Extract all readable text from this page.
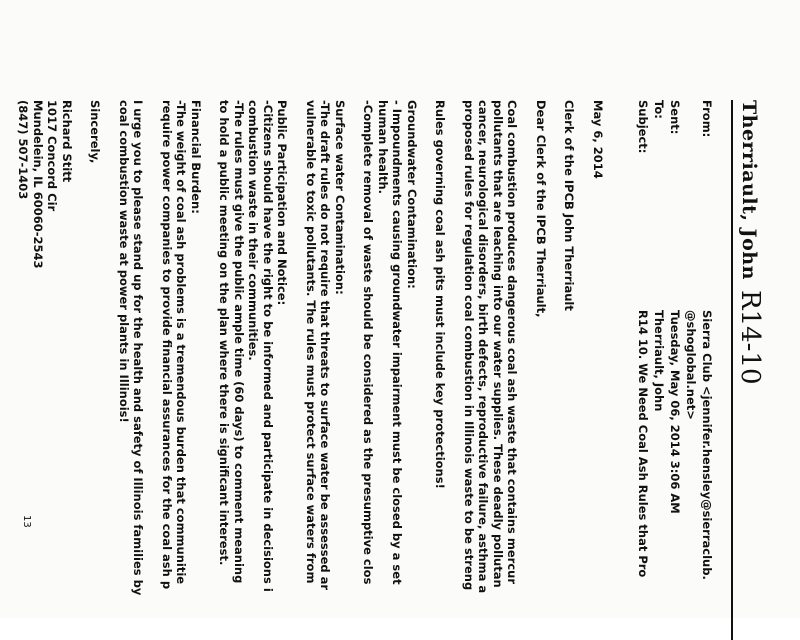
Therriault, John
R14-10
From:
Sierra Club <jennifer.hensley@sierraclub.
@shoglobal.net>
Sent:
Tuesday, May 06, 2014 3:06 AM
To:
Therriault, John
Subject:
R14 10. We Need Coal Ash Rules that Pro

May 6, 2014

Clerk of the IPCB John Therriault

Dear Clerk of the IPCB Therriault,

Coal combustion produces dangerous coal ash waste that contains mercur
pollutants that are leaching into our water supplies. These deadly pollutan
cancer, neurological disorders, birth defects, reproductive failure, asthma a
proposed rules for regulation coal combustion in Illinois waste to be streng

Rules governing coal ash pits must include key protections!

Groundwater Contamination:
- Impoundments causing groundwater impairment must be closed by a set
human health.
-Complete removal of waste should be considered as the presumptive clos

Surface water Contamination:
-The draft rules do not require that threats to surface water be assessed ar
vulnerable to toxic pollutants. The rules must protect surface waters from

Public Participation and Notice:
-Citizens should have the right to be informed and participate in decisions i
combustion waste in their communities.
-The rules must give the public ample time (60 days) to comment meaning
to hold a public meeting on the plan where there is significant interest.

Financial Burden:
-The weight of coal ash problems is a tremendous burden that communitie
require power companies to provide financial assurances for the coal ash p

I urge you to please stand up for the health and safety of Illinois families by
coal combustion waste at power plants in Illinois!

Sincerely,

Richard Stitt
1017 Concord Cir
Mundelein, IL 60060-2543
(847) 507-1403

13
